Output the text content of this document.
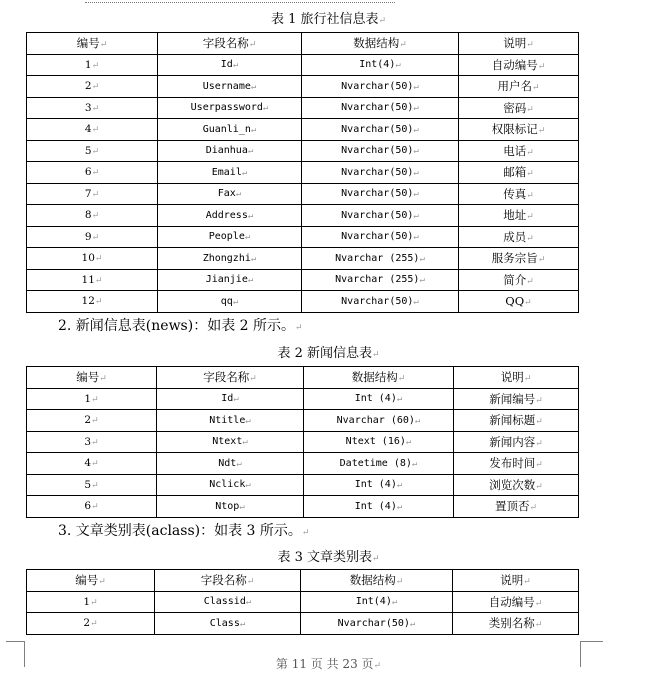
表 1 旅行社信息表↵
编号↵	字段名称↵	数据结构↵	说明↵
1↵	Id↵	Int(4)↵	自动编号↵
2↵	Username↵	Nvarchar(50)↵	用户名↵
3↵	Userpassword↵	Nvarchar(50)↵	密码↵
4↵	Guanli_n↵	Nvarchar(50)↵	权限标记↵
5↵	Dianhua↵	Nvarchar(50)↵	电话↵
6↵	Email↵	Nvarchar(50)↵	邮箱↵
7↵	Fax↵	Nvarchar(50)↵	传真↵
8↵	Address↵	Nvarchar(50)↵	地址↵
9↵	People↵	Nvarchar(50)↵	成员↵
10↵	Zhongzhi↵	Nvarchar (255)↵	服务宗旨↵
11↵	Jianjie↵	Nvarchar (255)↵	简介↵
12↵	qq↵	Nvarchar(50)↵	QQ↵
2. 新闻信息表(news)：如表 2 所示。↵
表 2 新闻信息表↵
编号↵	字段名称↵	数据结构↵	说明↵
1↵	Id↵	Int (4)↵	新闻编号↵
2↵	Ntitle↵	Nvarchar (60)↵	新闻标题↵
3↵	Ntext↵	Ntext (16)↵	新闻内容↵
4↵	Ndt↵	Datetime (8)↵	发布时间↵
5↵	Nclick↵	Int (4)↵	浏览次数↵
6↵	Ntop↵	Int (4)↵	置顶否↵
3. 文章类别表(aclass)：如表 3 所示。↵
表 3 文章类别表↵
编号↵	字段名称↵	数据结构↵	说明↵
1↵	Classid↵	Int(4)↵	自动编号↵
2↵	Class↵	Nvarchar(50)↵	类别名称↵
第 11 页 共 23 页↵
